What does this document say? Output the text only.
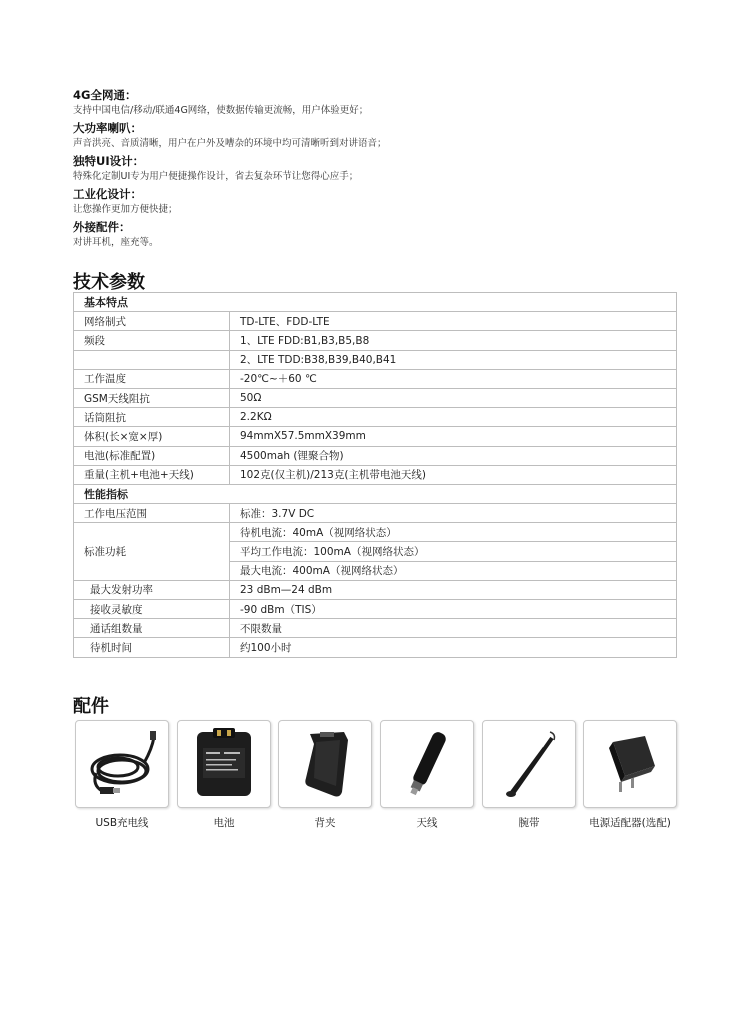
4G全网通：

支持中国电信/移动/联通4G网络，使数据传输更流畅，用户体验更好；

大功率喇叭：

声音洪亮、音质清晰，用户在户外及嘈杂的环境中均可清晰听到对讲语音；

独特UI设计：

特殊化定制UI专为用户便捷操作设计，省去复杂环节让您得心应手；

工业化设计：

让您操作更加方便快捷；

外接配件：

对讲耳机，座充等。

技术参数
基本特点	
网络制式	TD-LTE、FDD-LTE
频段	1、LTE FDD:B1,B3,B5,B8
	2、LTE TDD:B38,B39,B40,B41
工作温度	-20℃~＋60 ℃
GSM天线阻抗	50Ω
话筒阻抗	2.2KΩ
体积(长×宽×厚)	94mmX57.5mmX39mm
电池(标准配置)	4500mah (锂聚合物)
重量(主机+电池+天线)	102克(仅主机)/213克(主机带电池天线)
性能指标	
工作电压范围	标准：3.7V DC
标准功耗	待机电流：40mA（视网络状态）
	平均工作电流：100mA（视网络状态）
	最大电流：400mA（视网络状态）
最大发射功率	23 dBm—24 dBm
接收灵敏度	-90 dBm（TIS）
通话组数量	不限数量
待机时间	约100小时
配件
USB充电线	电池	背夹	天线	腕带	电源适配器(选配)
